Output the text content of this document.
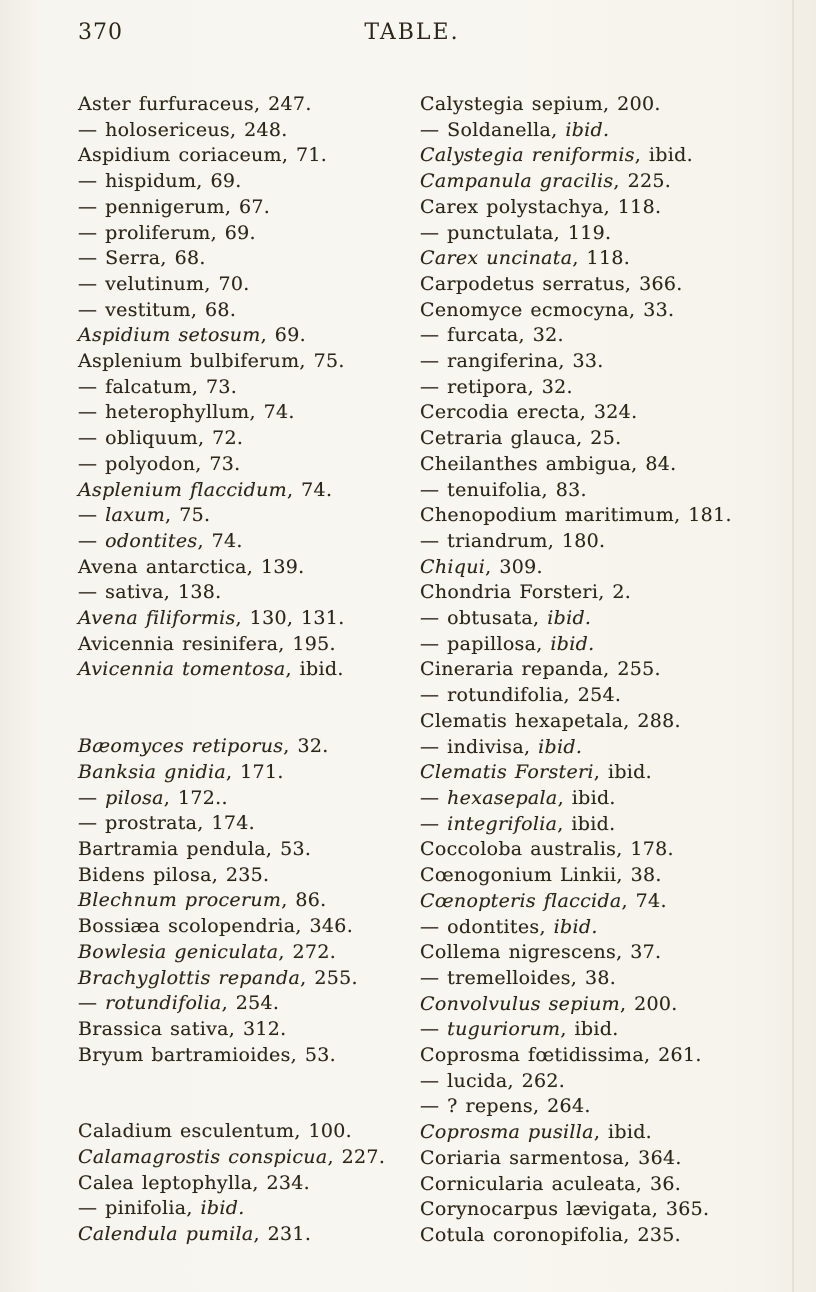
370	TABLE.
Aster furfuraceus, 247.
— holosericeus, 248.
Aspidium coriaceum, 71.
— hispidum, 69.
— pennigerum, 67.
— proliferum, 69.
— Serra, 68.
— velutinum, 70.
— vestitum, 68.
Aspidium setosum, 69.
Asplenium bulbiferum, 75.
— falcatum, 73.
— heterophyllum, 74.
— obliquum, 72.
— polyodon, 73.
Asplenium flaccidum, 74.
— laxum, 75.
— odontites, 74.
Avena antarctica, 139.
— sativa, 138.
Avena filiformis, 130, 131.
Avicennia resinifera, 195.
Avicennia tomentosa, ibid.
Bæomyces retiporus, 32.
Banksia gnidia, 171.
— pilosa, 172..
— prostrata, 174.
Bartramia pendula, 53.
Bidens pilosa, 235.
Blechnum procerum, 86.
Bossiæa scolopendria, 346.
Bowlesia geniculata, 272.
Brachyglottis repanda, 255.
— rotundifolia, 254.
Brassica sativa, 312.
Bryum bartramioides, 53.
Caladium esculentum, 100.
Calamagrostis conspicua, 227.
Calea leptophylla, 234.
— pinifolia, ibid.
Calendula pumila, 231.
Calystegia sepium, 200.
— Soldanella, ibid.
Calystegia reniformis, ibid.
Campanula gracilis, 225.
Carex polystachya, 118.
— punctulata, 119.
Carex uncinata, 118.
Carpodetus serratus, 366.
Cenomyce ecmocyna, 33.
— furcata, 32.
— rangiferina, 33.
— retipora, 32.
Cercodia erecta, 324.
Cetraria glauca, 25.
Cheilanthes ambigua, 84.
— tenuifolia, 83.
Chenopodium maritimum, 181.
— triandrum, 180.
Chiqui, 309.
Chondria Forsteri, 2.
— obtusata, ibid.
— papillosa, ibid.
Cineraria repanda, 255.
— rotundifolia, 254.
Clematis hexapetala, 288.
— indivisa, ibid.
Clematis Forsteri, ibid.
— hexasepala, ibid.
— integrifolia, ibid.
Coccoloba australis, 178.
Cœnogonium Linkii, 38.
Cœnopteris flaccida, 74.
— odontites, ibid.
Collema nigrescens, 37.
— tremelloides, 38.
Convolvulus sepium, 200.
— tuguriorum, ibid.
Coprosma fœtidissima, 261.
— lucida, 262.
— ? repens, 264.
Coprosma pusilla, ibid.
Coriaria sarmentosa, 364.
Cornicularia aculeata, 36.
Corynocarpus lævigata, 365.
Cotula coronopifolia, 235.
